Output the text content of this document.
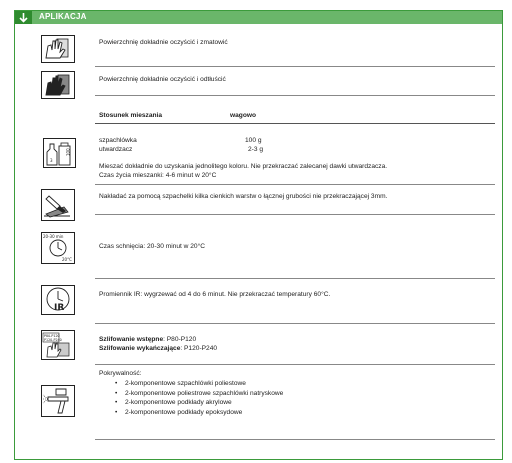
APLIKACJA
Powierzchnię dokładnie oczyścić i zmatowić
Powierzchnię dokładnie oczyścić i odtłuścić
Stosunek mieszania	wagowo
100
3
szpachlówka	100 g
utwardzacz	2-3 g
Mieszać dokładnie do uzyskania jednolitego koloru. Nie przekraczać zalecanej dawki utwardzacza.
Czas życia mieszanki: 4-6 minut w 20°C
Nakładać za pomocą szpachelki kilka cienkich warstw o łącznej grubości nie przekraczającej 3mm.
20-30 min
20°C
Czas schnięcia: 20-30 minut w 20°C
IR
Promiennik IR: wygrzewać od 4 do 6 minut. Nie przekraczać temperatury 60°C.
P80-P120
P120-P240	Szlifowanie wstępne: P80-P120
Szlifowanie wykańczające: P120-P240
Pokrywalność:
• 2-komponentowe szpachlówki poliestowe
• 2-komponentowe poliestrowe szpachlówki natryskowe
• 2-komponentowe podkłady akrylowe
• 2-komponentowe podkłady epoksydowe
